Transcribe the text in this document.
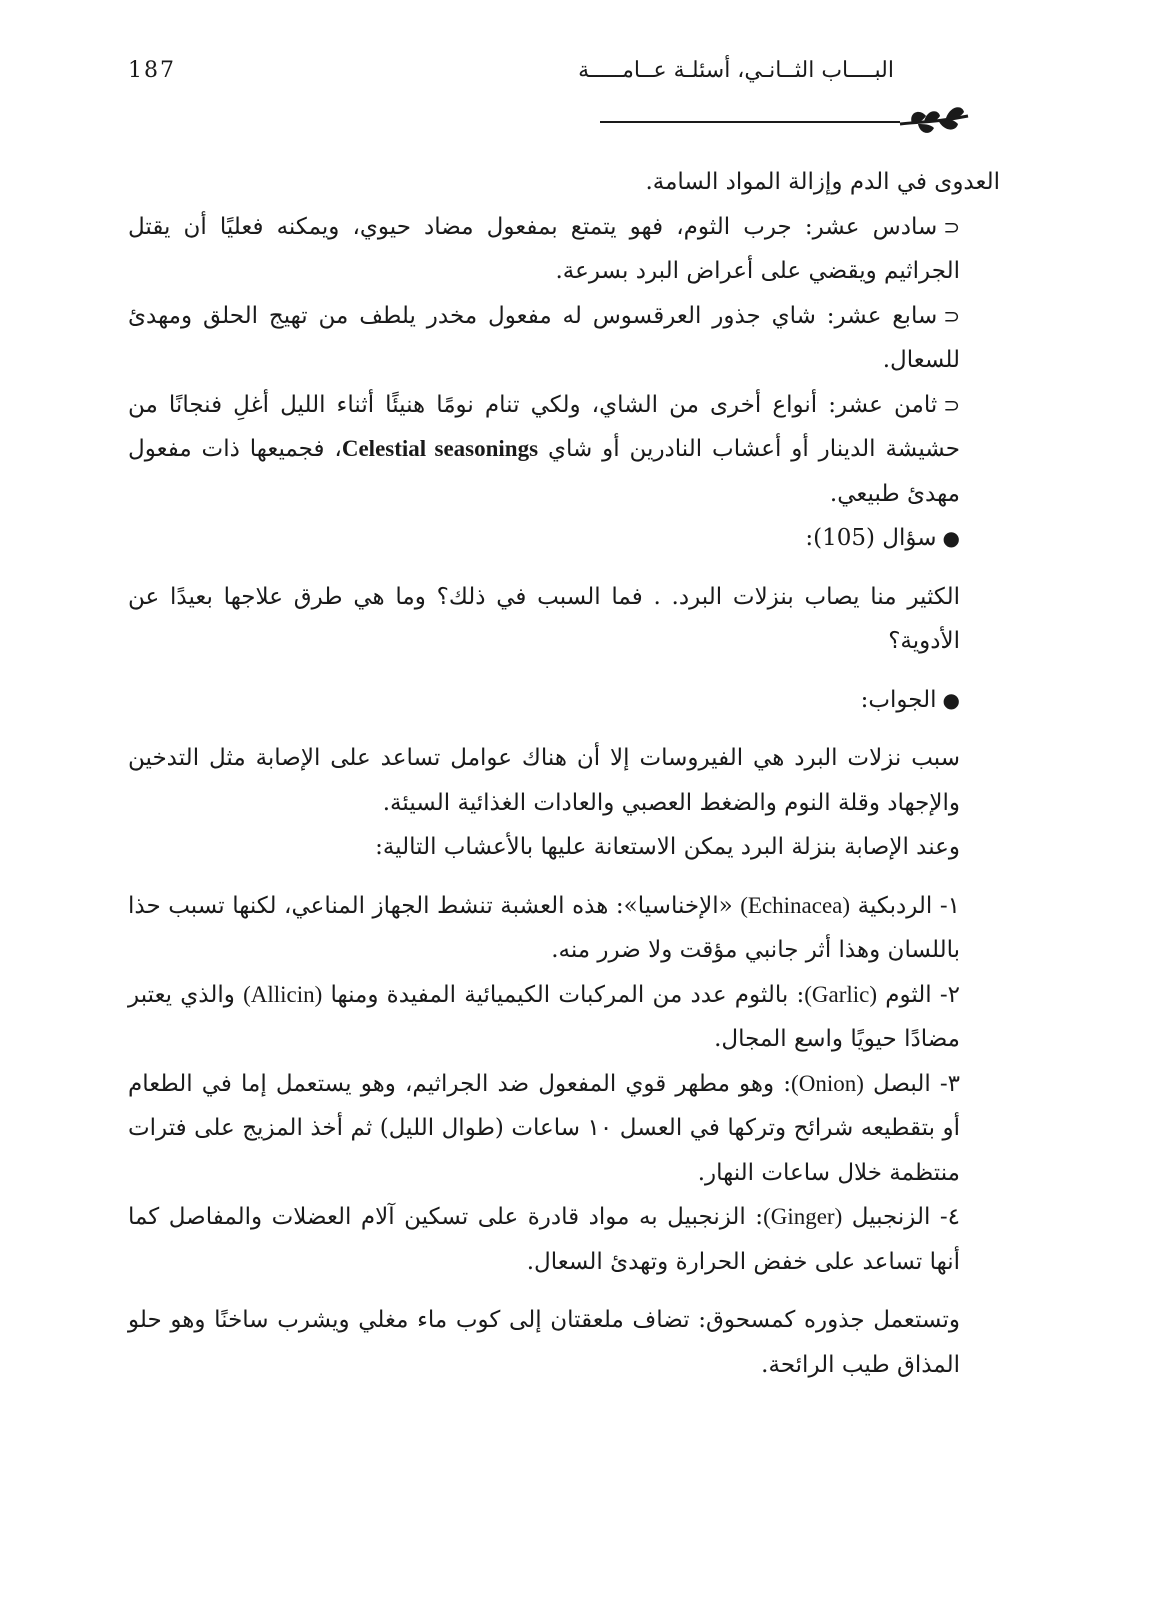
187	البــــاب الثــانـي، أسئلـة عــامـــــة

العدوى في الدم وإزالة المواد السامة.

⊂سادس عشر: جرب الثوم، فهو يتمتع بمفعول مضاد حيوي، ويمكنه فعليًا أن يقتل الجراثيم ويقضي على أعراض البرد بسرعة.

⊂سابع عشر: شاي جذور العرقسوس له مفعول مخدر يلطف من تهيج الحلق ومهدئ للسعال.

⊂ثامن عشر: أنواع أخرى من الشاي، ولكي تنام نومًا هنيئًا أثناء الليل أغلِ فنجانًا من حشيشة الدينار أو أعشاب النادرين أو شاي Celestial seasonings، فجميعها ذات مفعول مهدئ طبيعي.

●سؤال (105):

الكثير منا يصاب بنزلات البرد. . فما السبب في ذلك؟ وما هي طرق علاجها بعيدًا عن الأدوية؟

●الجواب:

سبب نزلات البرد هي الفيروسات إلا أن هناك عوامل تساعد على الإصابة مثل التدخين والإجهاد وقلة النوم والضغط العصبي والعادات الغذائية السيئة.

وعند الإصابة بنزلة البرد يمكن الاستعانة عليها بالأعشاب التالية:

١- الردبكية (Echinacea) «الإخناسيا»: هذه العشبة تنشط الجهاز المناعي، لكنها تسبب حذا باللسان وهذا أثر جانبي مؤقت ولا ضرر منه.

٢- الثوم (Garlic): بالثوم عدد من المركبات الكيميائية المفيدة ومنها (Allicin) والذي يعتبر مضادًا حيويًا واسع المجال.

٣- البصل (Onion): وهو مطهر قوي المفعول ضد الجراثيم، وهو يستعمل إما في الطعام أو بتقطيعه شرائح وتركها في العسل ١٠ ساعات (طوال الليل) ثم أخذ المزيج على فترات منتظمة خلال ساعات النهار.

٤- الزنجبيل (Ginger): الزنجبيل به مواد قادرة على تسكين آلام العضلات والمفاصل كما أنها تساعد على خفض الحرارة وتهدئ السعال.

وتستعمل جذوره كمسحوق: تضاف ملعقتان إلى كوب ماء مغلي ويشرب ساخنًا وهو حلو المذاق طيب الرائحة.
